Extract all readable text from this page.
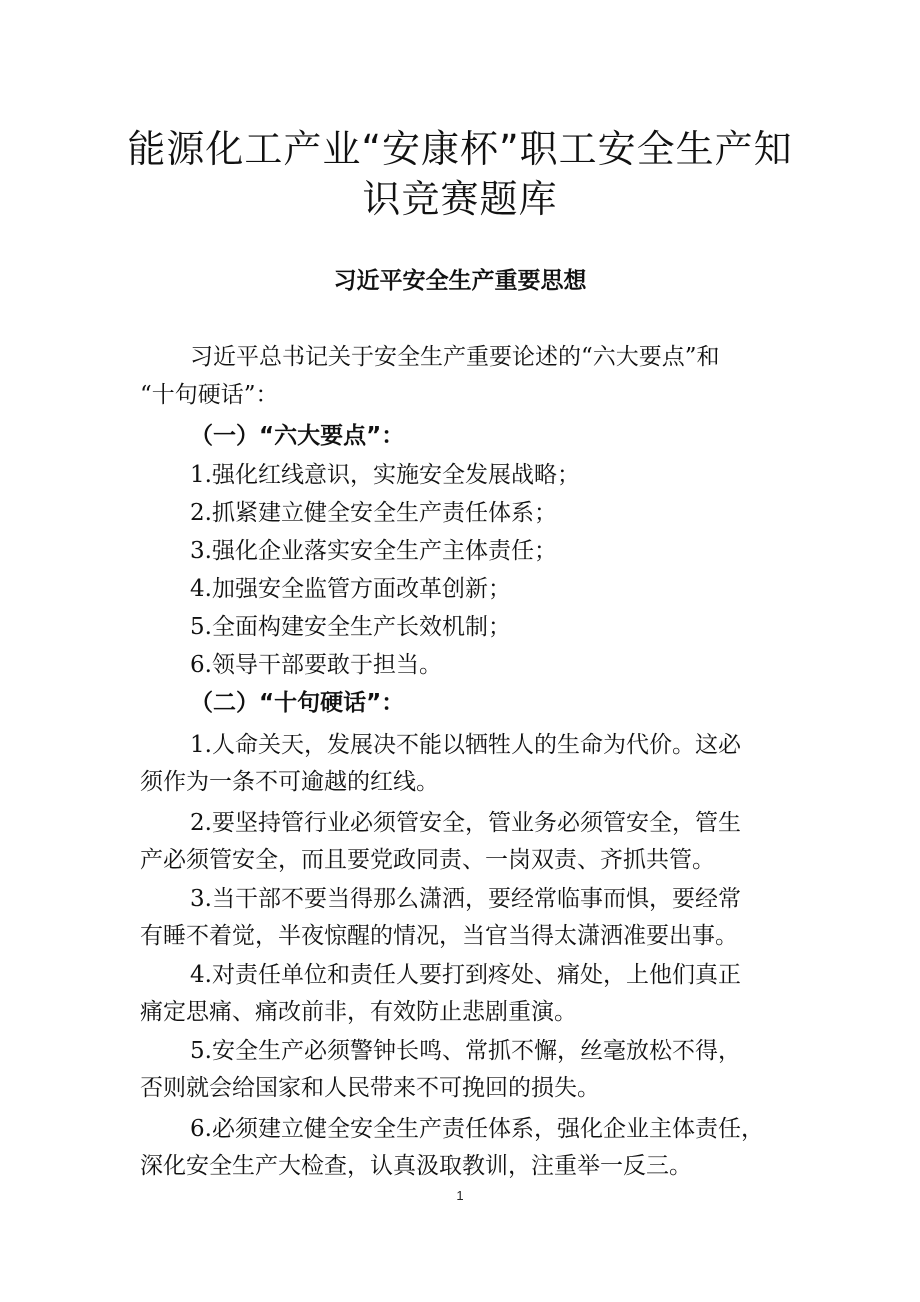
能源化工产业“安康杯”职工安全生产知
识竞赛题库
习近平安全生产重要思想

习近平总书记关于安全生产重要论述的“六大要点”和

“十句硬话”：

（一）“六大要点”：

1.强化红线意识，实施安全发展战略；

2.抓紧建立健全安全生产责任体系；

3.强化企业落实安全生产主体责任；

4.加强安全监管方面改革创新；

5.全面构建安全生产长效机制；

6.领导干部要敢于担当。

（二）“十句硬话”：

1.人命关天，发展决不能以牺牲人的生命为代价。这必

须作为一条不可逾越的红线。

2.要坚持管行业必须管安全，管业务必须管安全，管生

产必须管安全，而且要党政同责、一岗双责、齐抓共管。

3.当干部不要当得那么潇洒，要经常临事而惧，要经常

有睡不着觉，半夜惊醒的情况，当官当得太潇洒准要出事。

4.对责任单位和责任人要打到疼处、痛处，上他们真正

痛定思痛、痛改前非，有效防止悲剧重演。

5.安全生产必须警钟长鸣、常抓不懈，丝毫放松不得，

否则就会给国家和人民带来不可挽回的损失。

6.必须建立健全安全生产责任体系，强化企业主体责任，

深化安全生产大检查，认真汲取教训，注重举一反三。

1
